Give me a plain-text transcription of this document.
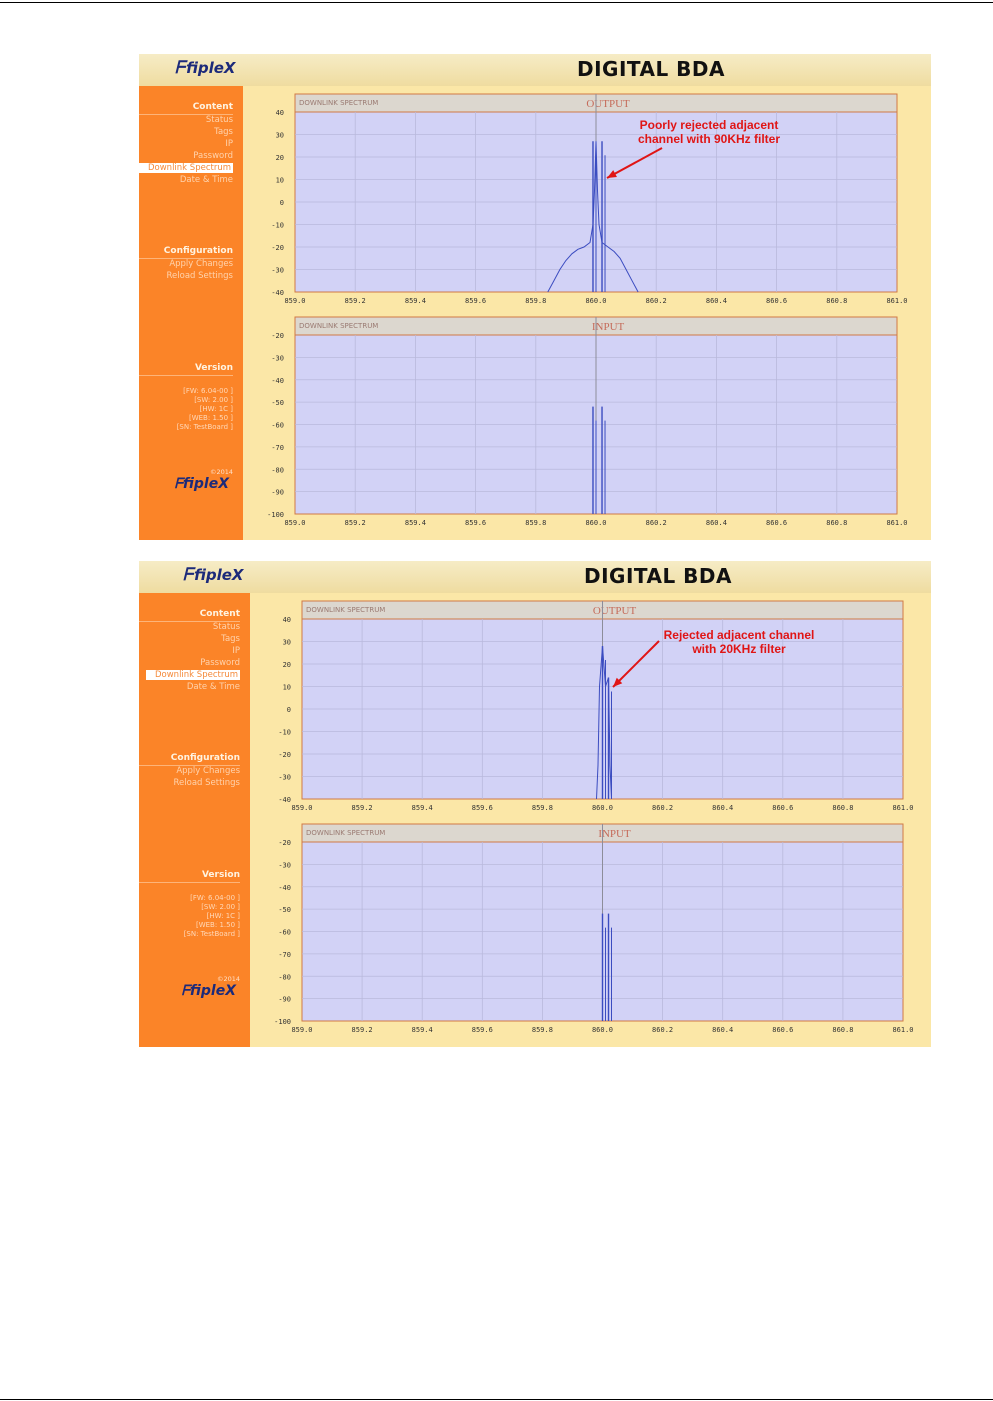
ᖴfipleX	DIGITAL BDA
Content
Status
Tags
IP
Password
Downlink Spectrum
Date & Time
Configuration
Apply Changes
Reload Settings
Version
[FW: 6.04-00 ]
[SW: 2.00 ]
[HW: 1C ]
[WEB: 1.50 ]
[SN: TestBoard ]
©2014
ᖴfipleX
DOWNLINK SPECTRUM	OUTPUT
40
30
20
10
0
-10
-20
-30
-40
859.0	859.2	859.4	859.6	859.8	860.0	860.2	860.4	860.6	860.8	861.0
DOWNLINK SPECTRUM	INPUT
-20
-30
-40
-50
-60
-70
-80
-90
-100
859.0	859.2	859.4	859.6	859.8	860.0	860.2	860.4	860.6	860.8	861.0
Poorly rejected adjacent
channel with 90KHz filter
ᖴfipleX	DIGITAL BDA
Content
Status
Tags
IP
Password
Downlink Spectrum
Date & Time
Configuration
Apply Changes
Reload Settings
Version
[FW: 6.04-00 ]
[SW: 2.00 ]
[HW: 1C ]
[WEB: 1.50 ]
[SN: TestBoard ]
©2014
ᖴfipleX
DOWNLINK SPECTRUM	OUTPUT
40
30
20
10
0
-10
-20
-30
-40
859.0	859.2	859.4	859.6	859.8	860.0	860.2	860.4	860.6	860.8	861.0
DOWNLINK SPECTRUM	INPUT
-20
-30
-40
-50
-60
-70
-80
-90
-100
859.0	859.2	859.4	859.6	859.8	860.0	860.2	860.4	860.6	860.8	861.0
Rejected adjacent channel
with 20KHz filter
